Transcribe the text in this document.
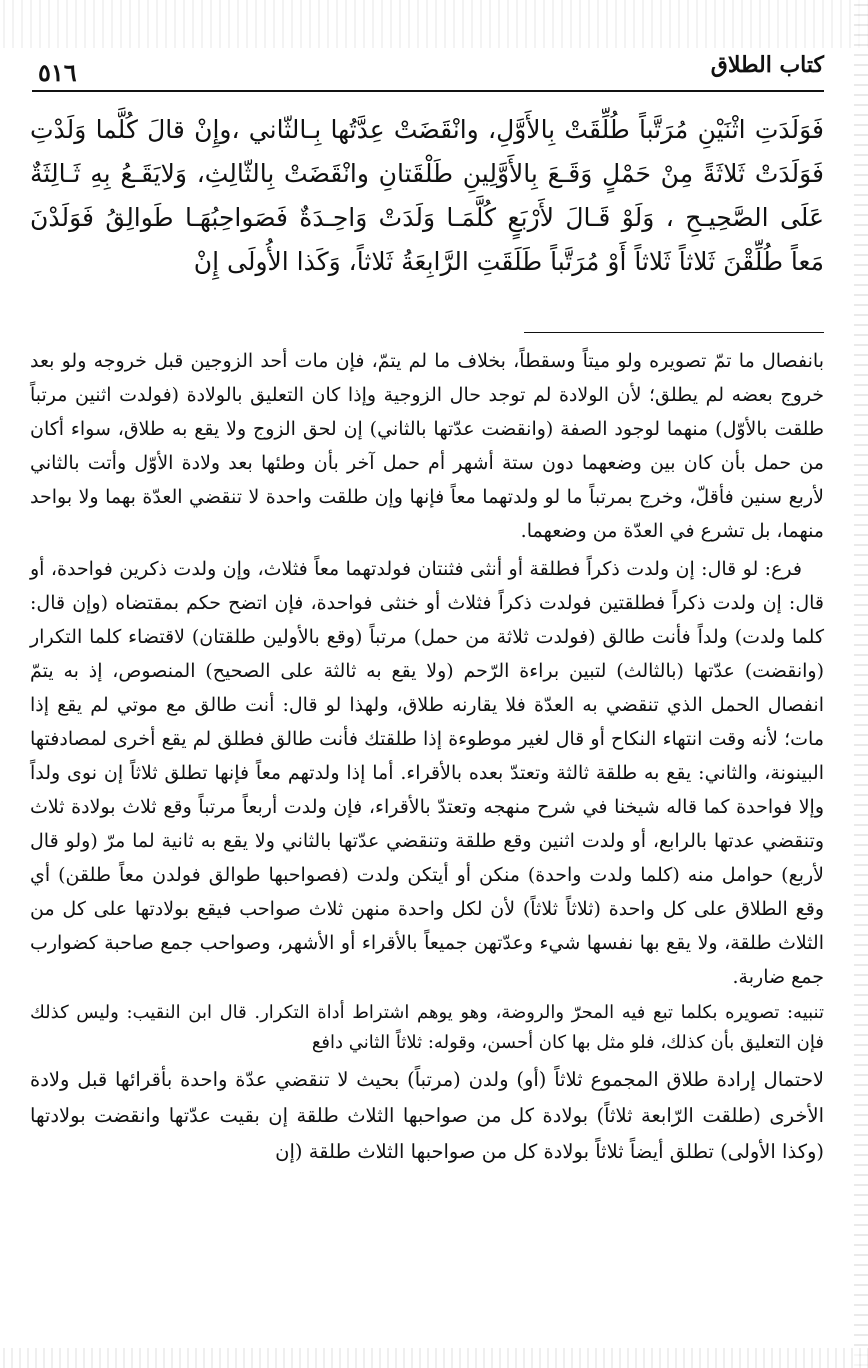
كتاب الطلاق
٥١٦

فَوَلَدَتِ اثْنَيْنِ مُرَتَّباً طُلِّقَتْ بِالأَوَّلِ، وانْقَضَتْ عِدَّتُها بِـالثّاني ،وإِنْ قالَ كُلَّما وَلَدْتِ فَوَلَدَتْ ثَلاثَةً مِنْ حَمْلٍ وَقَـعَ بِالأَوَّلِينِ طَلْقَتانِ وانْقَضَتْ بِالثّالِثِ، وَلايَقَـعُ بِهِ ثَـالِثَةٌ عَلَى الصَّحِيـحِ ، وَلَوْ قَـالَ لأَرْبَعٍ كُلَّمَـا وَلَدَتْ وَاحِـدَةٌ فَصَواحِبُهَـا طَوالِقُ فَوَلَدْنَ مَعاً طُلِّقْنَ ثَلاثاً ثَلاثاً أَوْ مُرَتَّباً طَلَقَتِ الرَّابِعَةُ ثَلاثاً، وَكَذا الأُولَى إِنْ

بانفصال ما تمّ تصويره ولو ميتاً وسقطاً، بخلاف ما لم يتمّ، فإن مات أحد الزوجين قبل خروجه ولو بعد خروج بعضه لم يطلق؛ لأن الولادة لم توجد حال الزوجية وإذا كان التعليق بالولادة (فولدت اثنين مرتباً طلقت بالأوّل) منهما لوجود الصفة (وانقضت عدّتها بالثاني) إن لحق الزوج ولا يقع به طلاق، سواء أكان من حمل بأن كان بين وضعهما دون ستة أشهر أم حمل آخر بأن وطئها بعد ولادة الأوّل وأتت بالثاني لأربع سنين فأقلّ، وخرج بمرتباً ما لو ولدتهما معاً فإنها وإن طلقت واحدة لا تنقضي العدّة بهما ولا بواحد منهما، بل تشرع في العدّة من وضعهما.

فرع: لو قال: إن ولدت ذكراً فطلقة أو أنثى فثنتان فولدتهما معاً فثلاث، وإن ولدت ذكرين فواحدة، أو قال: إن ولدت ذكراً فطلقتين فولدت ذكراً فثلاث أو خنثى فواحدة، فإن اتضح حكم بمقتضاه (وإن قال: كلما ولدت) ولداً فأنت طالق (فولدت ثلاثة من حمل) مرتباً (وقع بالأولين طلقتان) لاقتضاء كلما التكرار (وانقضت) عدّتها (بالثالث) لتبين براءة الرّحم (ولا يقع به ثالثة على الصحيح) المنصوص، إذ به يتمّ انفصال الحمل الذي تنقضي به العدّة فلا يقارنه طلاق، ولهذا لو قال: أنت طالق مع موتي لم يقع إذا مات؛ لأنه وقت انتهاء النكاح أو قال لغير موطوءة إذا طلقتك فأنت طالق فطلق لم يقع أخرى لمصادفتها البينونة، والثاني: يقع به طلقة ثالثة وتعتدّ بعده بالأقراء. أما إذا ولدتهم معاً فإنها تطلق ثلاثاً إن نوى ولداً وإلا فواحدة كما قاله شيخنا في شرح منهجه وتعتدّ بالأقراء، فإن ولدت أربعاً مرتباً وقع ثلاث بولادة ثلاث وتنقضي عدتها بالرابع، أو ولدت اثنين وقع طلقة وتنقضي عدّتها بالثاني ولا يقع به ثانية لما مرّ (ولو قال لأربع) حوامل منه (كلما ولدت واحدة) منكن أو أيتكن ولدت (فصواحبها طوالق فولدن معاً طلقن) أي وقع الطلاق على كل واحدة (ثلاثاً ثلاثاً) لأن لكل واحدة منهن ثلاث صواحب فيقع بولادتها على كل من الثلاث طلقة، ولا يقع بها نفسها شيء وعدّتهن جميعاً بالأقراء أو الأشهر، وصواحب جمع صاحبة كضوارب جمع ضاربة.

تنبيه: تصويره بكلما تبع فيه المحرّ والروضة، وهو يوهم اشتراط أداة التكرار. قال ابن النقيب: وليس كذلك فإن التعليق بأن كذلك، فلو مثل بها كان أحسن، وقوله: ثلاثاً الثاني دافع

لاحتمال إرادة طلاق المجموع ثلاثاً (أو) ولدن (مرتباً) بحيث لا تنقضي عدّة واحدة بأقرائها قبل ولادة الأخرى (طلقت الرّابعة ثلاثاً) بولادة كل من صواحبها الثلاث طلقة إن بقيت عدّتها وانقضت بولادتها (وكذا الأولى) تطلق أيضاً ثلاثاً بولادة كل من صواحبها الثلاث طلقة (إن
